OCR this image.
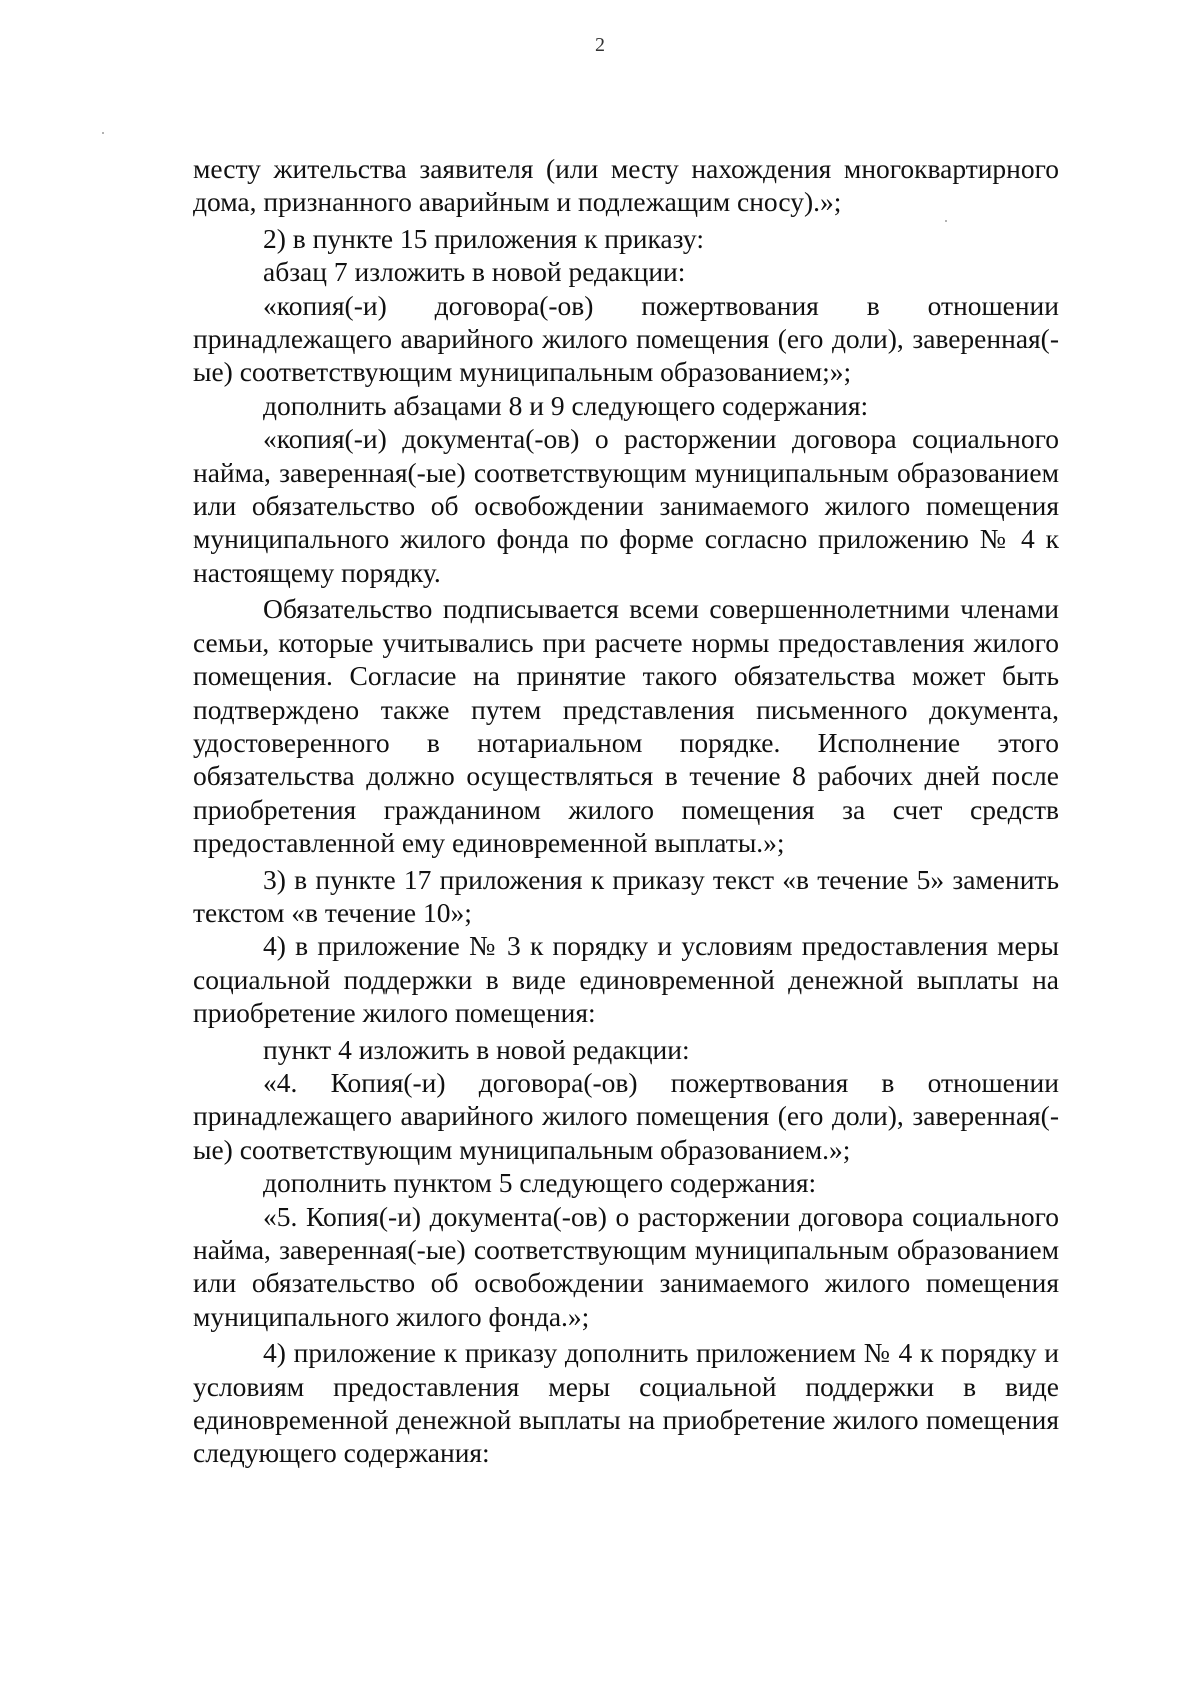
2

месту жительства заявителя (или месту нахождения многоквартирного дома, признанного аварийным и подлежащим сносу).»;

2) в пункте 15 приложения к приказу:

абзац 7 изложить в новой редакции:

«копия(-и) договора(-ов) пожертвования в отношении принадлежащего аварийного жилого помещения (его доли), заверенная(-ые) соответствующим муниципальным образованием;»;

дополнить абзацами 8 и 9 следующего содержания:

«копия(-и) документа(-ов) о расторжении договора социального найма, заверенная(-ые) соответствующим муниципальным образованием или обязательство об освобождении занимаемого жилого помещения муниципального жилого фонда по форме согласно приложению № 4 к настоящему порядку.

Обязательство подписывается всеми совершеннолетними членами семьи, которые учитывались при расчете нормы предоставления жилого помещения. Согласие на принятие такого обязательства может быть подтверждено также путем представления письменного документа, удостоверенного в нотариальном порядке. Исполнение этого обязательства должно осуществляться в течение 8 рабочих дней после приобретения гражданином жилого помещения за счет средств предоставленной ему единовременной выплаты.»;

3) в пункте 17 приложения к приказу текст «в течение 5» заменить текстом «в течение 10»;

4) в приложение № 3 к порядку и условиям предоставления меры социальной поддержки в виде единовременной денежной выплаты на приобретение жилого помещения:

пункт 4 изложить в новой редакции:

«4. Копия(-и) договора(-ов) пожертвования в отношении принадлежащего аварийного жилого помещения (его доли), заверенная(-ые) соответствующим муниципальным образованием.»;

дополнить пунктом 5 следующего содержания:

«5. Копия(-и) документа(-ов) о расторжении договора социального найма, заверенная(-ые) соответствующим муниципальным образованием или обязательство об освобождении занимаемого жилого помещения муниципального жилого фонда.»;

4) приложение к приказу дополнить приложением № 4 к порядку и условиям предоставления меры социальной поддержки в виде единовременной денежной выплаты на приобретение жилого помещения следующего содержания:
